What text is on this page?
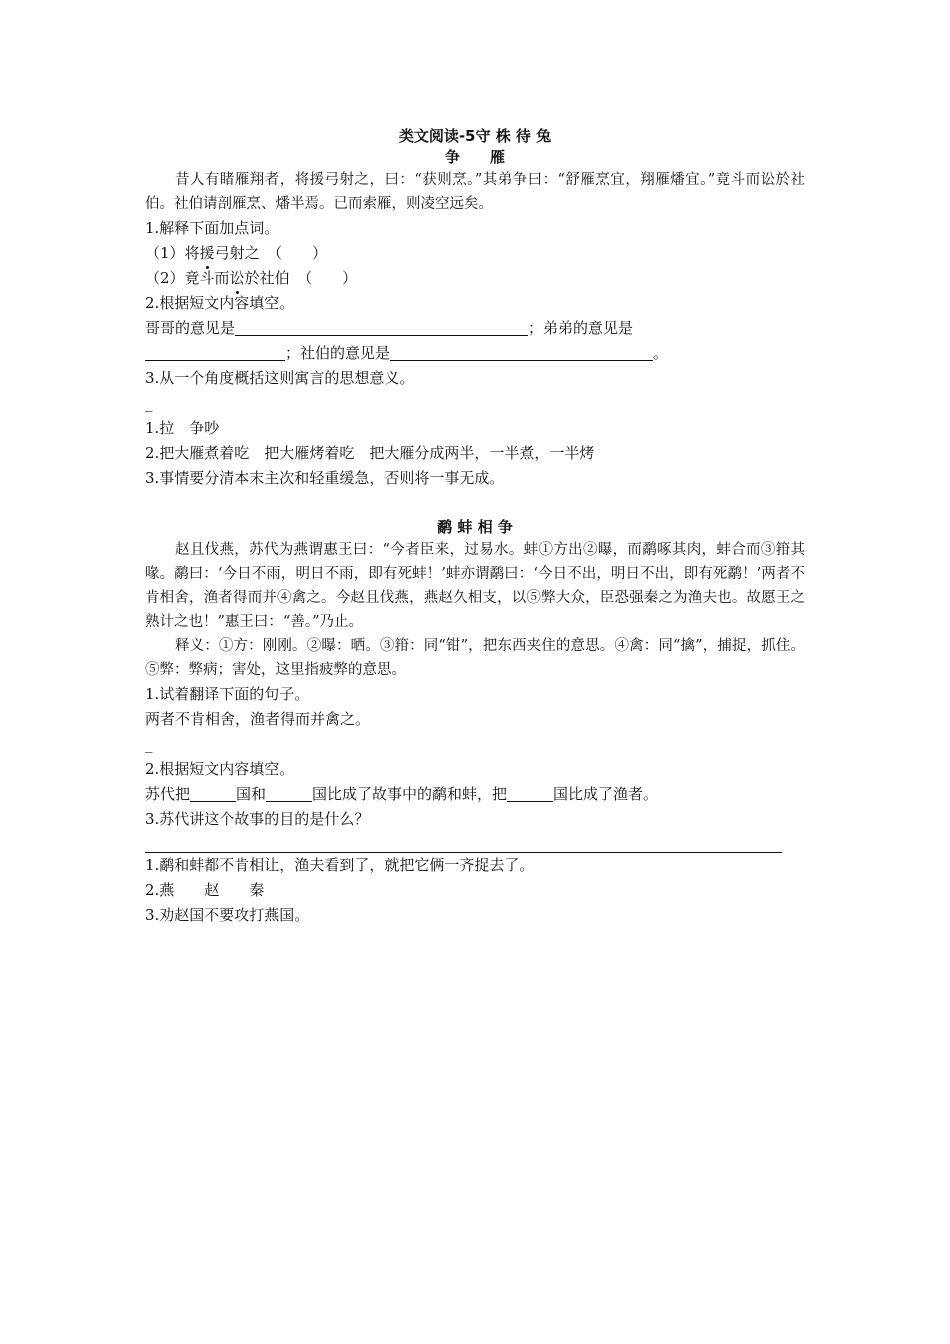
类文阅读-5守 株 待 兔
争　　雁
昔人有睹雁翔者，将援弓射之，曰：“获则烹。”其弟争曰：“舒雁烹宜，翔雁燔宜。”竟斗而讼於社伯。社伯请剖雁烹、燔半焉。已而索雁，则凌空远矣。
1.解释下面加点词。
（1）将援弓射之　（　　）
（2）竟斗而讼於社伯　（　　）
2.根据短文内容填空。
哥哥的意见是	；弟弟的意见是
；社伯的意见是	。
3.从一个角度概括这则寓言的思想意义。
_
1.拉　争吵
2.把大雁煮着吃　把大雁烤着吃　把大雁分成两半，一半煮，一半烤
3.事情要分清本末主次和轻重缓急，否则将一事无成。
鹬 蚌 相 争
赵且伐燕，苏代为燕谓惠王曰：“今者臣来，过易水。蚌①方出②曝，而鹬啄其肉，蚌合而③箝其喙。鹬曰：‘今日不雨，明日不雨，即有死蚌！’蚌亦谓鹬曰：‘今日不出，明日不出，即有死鹬！’两者不肯相舍，渔者得而并④禽之。今赵且伐燕，燕赵久相支，以⑤弊大众，臣恐强秦之为渔夫也。故愿王之熟计之也！”惠王曰：“善。”乃止。
释义：①方：刚刚。②曝：晒。③箝：同“钳”，把东西夹住的意思。④禽：同“擒”，捕捉，抓住。⑤弊：弊病；害处，这里指疲弊的意思。
1.试着翻译下面的句子。
两者不肯相舍，渔者得而并禽之。
_
2.根据短文内容填空。
苏代把	国和	国比成了故事中的鹬和蚌，把	国比成了渔者。
3.苏代讲这个故事的目的是什么？
1.鹬和蚌都不肯相让，渔夫看到了，就把它俩一齐捉去了。
2.燕　　赵　　秦
3.劝赵国不要攻打燕国。
